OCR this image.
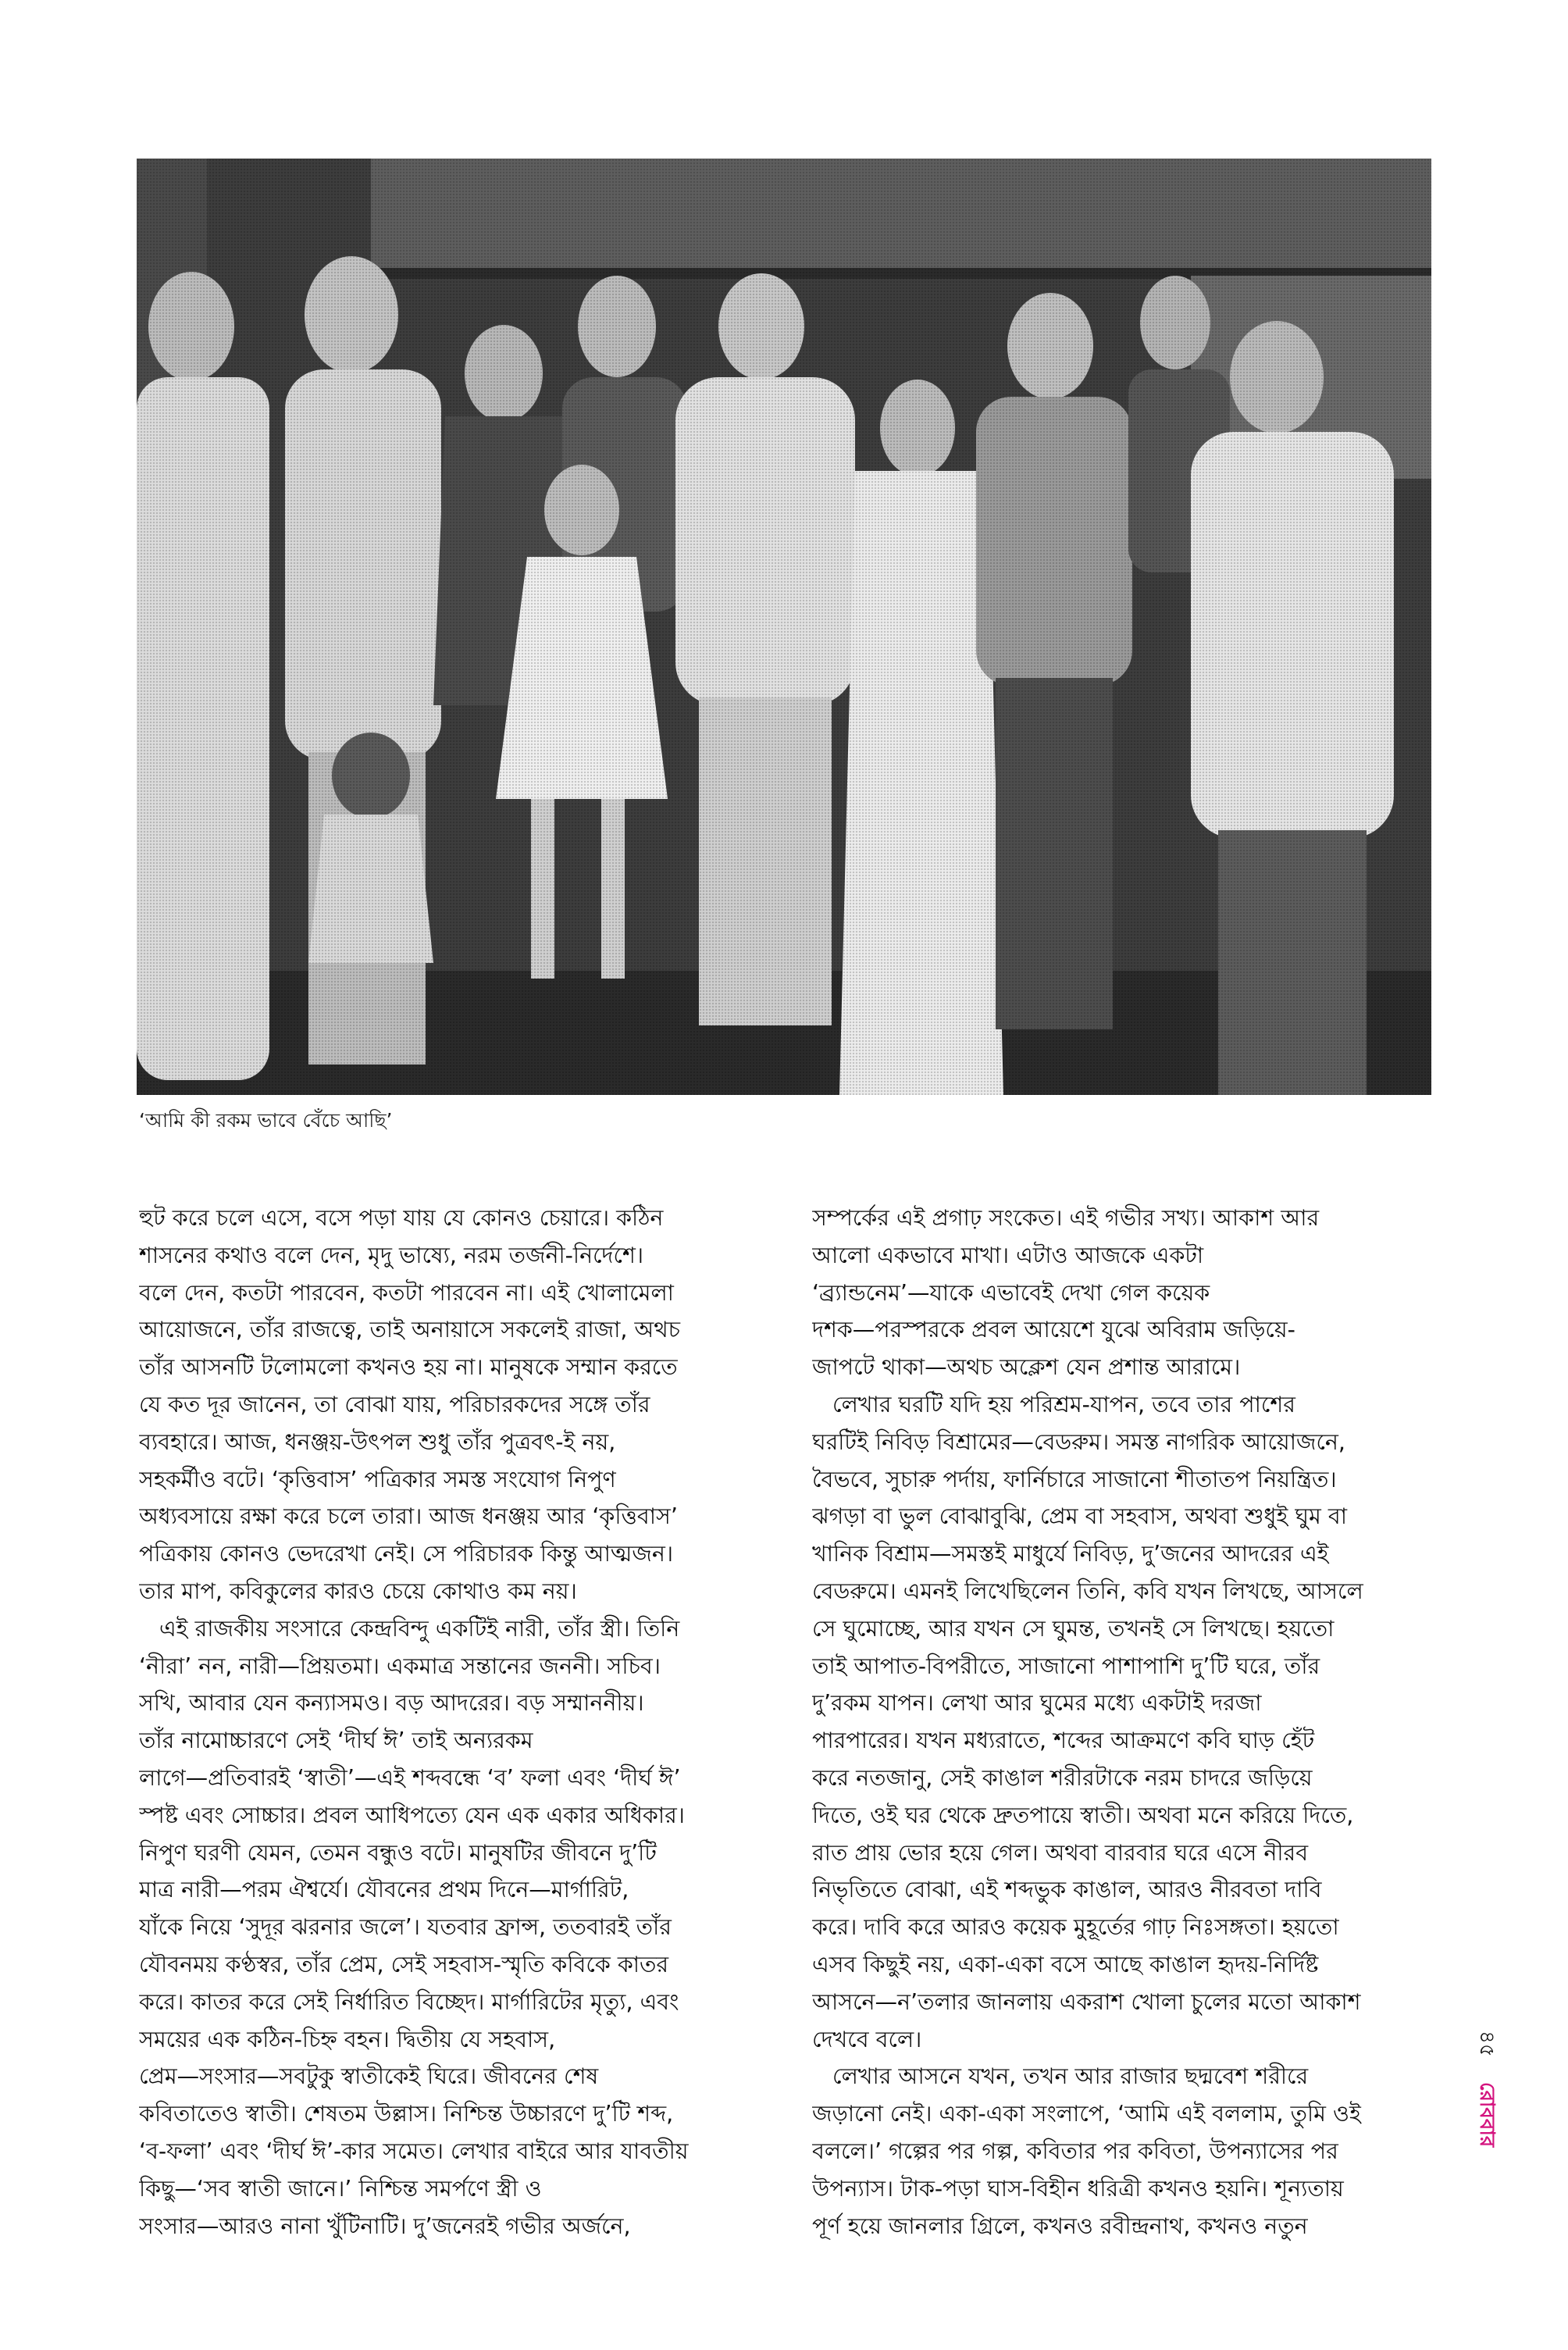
‘আমি কী রকম ভাবে বেঁচে আছি’
হুট করে চলে এসে, বসে পড়া যায় যে কোনও চেয়ারে। কঠিন
শাসনের কথাও বলে দেন, মৃদু ভাষ্যে, নরম তর্জনী-নির্দেশে।
বলে দেন, কতটা পারবেন, কতটা পারবেন না। এই খোলামেলা
আয়োজনে, তাঁর রাজত্বে, তাই অনায়াসে সকলেই রাজা, অথচ
তাঁর আসনটি টলোমলো কখনও হয় না। মানুষকে সম্মান করতে
যে কত দূর জানেন, তা বোঝা যায়, পরিচারকদের সঙ্গে তাঁর
ব্যবহারে। আজ, ধনঞ্জয়-উৎপল শুধু তাঁর পুত্রবৎ-ই নয়,
সহকর্মীও বটে। ‘কৃত্তিবাস’ পত্রিকার সমস্ত সংযোগ নিপুণ
অধ্যবসায়ে রক্ষা করে চলে তারা। আজ ধনঞ্জয় আর ‘কৃত্তিবাস’
পত্রিকায় কোনও ভেদরেখা নেই। সে পরিচারক কিন্তু আত্মজন।
তার মাপ, কবিকুলের কারও চেয়ে কোথাও কম নয়।
এই রাজকীয় সংসারে কেন্দ্রবিন্দু একটিই নারী, তাঁর স্ত্রী। তিনি
‘নীরা’ নন, নারী—প্রিয়তমা। একমাত্র সন্তানের জননী। সচিব।
সখি, আবার যেন কন্যাসমও। বড় আদরের। বড় সম্মাননীয়।
তাঁর নামোচ্চারণে সেই ‘দীর্ঘ ঈ’ তাই অন্যরকম
লাগে—প্রতিবারই ‘স্বাতী’—এই শব্দবন্ধে ‘ব’ ফলা এবং ‘দীর্ঘ ঈ’
স্পষ্ট এবং সোচ্চার। প্রবল আধিপত্যে যেন এক একার অধিকার।
নিপুণ ঘরণী যেমন, তেমন বন্ধুও বটে। মানুষটির জীবনে দু’টি
মাত্র নারী—পরম ঐশ্বর্যে। যৌবনের প্রথম দিনে—মার্গারিট,
যাঁকে নিয়ে ‘সুদূর ঝরনার জলে’। যতবার ফ্রান্স, ততবারই তাঁর
যৌবনময় কণ্ঠস্বর, তাঁর প্রেম, সেই সহবাস-স্মৃতি কবিকে কাতর
করে। কাতর করে সেই নির্ধারিত বিচ্ছেদ। মার্গারিটের মৃত্যু, এবং
সময়ের এক কঠিন-চিহ্ন বহন। দ্বিতীয় যে সহবাস,
প্রেম—সংসার—সবটুকু স্বাতীকেই ঘিরে। জীবনের শেষ
কবিতাতেও স্বাতী। শেষতম উল্লাস। নিশ্চিন্ত উচ্চারণে দু’টি শব্দ,
‘ব-ফলা’ এবং ‘দীর্ঘ ঈ’-কার সমেত। লেখার বাইরে আর যাবতীয়
কিছু—‘সব স্বাতী জানে।’ নিশ্চিন্ত সমর্পণে স্ত্রী ও
সংসার—আরও নানা খুঁটিনাটি। দু’জনেরই গভীর অর্জনে,
সম্পর্কের এই প্রগাঢ় সংকেত। এই গভীর সখ্য। আকাশ আর
আলো একভাবে মাখা। এটাও আজকে একটা
‘ব্র্যান্ডনেম’—যাকে এভাবেই দেখা গেল কয়েক
দশক—পরস্পরকে প্রবল আয়েশে যুঝে অবিরাম জড়িয়ে-
জাপটে থাকা—অথচ অক্লেশ যেন প্রশান্ত আরামে।
লেখার ঘরটি যদি হয় পরিশ্রম-যাপন, তবে তার পাশের
ঘরটিই নিবিড় বিশ্রামের—বেডরুম। সমস্ত নাগরিক আয়োজনে,
বৈভবে, সুচারু পর্দায়, ফার্নিচারে সাজানো শীতাতপ নিয়ন্ত্রিত।
ঝগড়া বা ভুল বোঝাবুঝি, প্রেম বা সহবাস, অথবা শুধুই ঘুম বা
খানিক বিশ্রাম—সমস্তই মাধুর্যে নিবিড়, দু’জনের আদরের এই
বেডরুমে। এমনই লিখেছিলেন তিনি, কবি যখন লিখছে, আসলে
সে ঘুমোচ্ছে, আর যখন সে ঘুমন্ত, তখনই সে লিখছে। হয়তো
তাই আপাত-বিপরীতে, সাজানো পাশাপাশি দু’টি ঘরে, তাঁর
দু’রকম যাপন। লেখা আর ঘুমের মধ্যে একটাই দরজা
পারপারের। যখন মধ্যরাতে, শব্দের আক্রমণে কবি ঘাড় হেঁট
করে নতজানু, সেই কাঙাল শরীরটাকে নরম চাদরে জড়িয়ে
দিতে, ওই ঘর থেকে দ্রুতপায়ে স্বাতী। অথবা মনে করিয়ে দিতে,
রাত প্রায় ভোর হয়ে গেল। অথবা বারবার ঘরে এসে নীরব
নিভৃতিতে বোঝা, এই শব্দভুক কাঙাল, আরও নীরবতা দাবি
করে। দাবি করে আরও কয়েক মুহূর্তের গাঢ় নিঃসঙ্গতা। হয়তো
এসব কিছুই নয়, একা-একা বসে আছে কাঙাল হৃদয়-নির্দিষ্ট
আসনে—ন’তলার জানলায় একরাশ খোলা চুলের মতো আকাশ
দেখবে বলে।
লেখার আসনে যখন, তখন আর রাজার ছদ্মবেশ শরীরে
জড়ানো নেই। একা-একা সংলাপে, ‘আমি এই বললাম, তুমি ওই
বললে।’ গল্পের পর গল্প, কবিতার পর কবিতা, উপন্যাসের পর
উপন্যাস। টাক-পড়া ঘাস-বিহীন ধরিত্রী কখনও হয়নি। শূন্যতায়
পূর্ণ হয়ে জানলার গ্রিলে, কখনও রবীন্দ্রনাথ, কখনও নতুন
৪৫ রোববার
